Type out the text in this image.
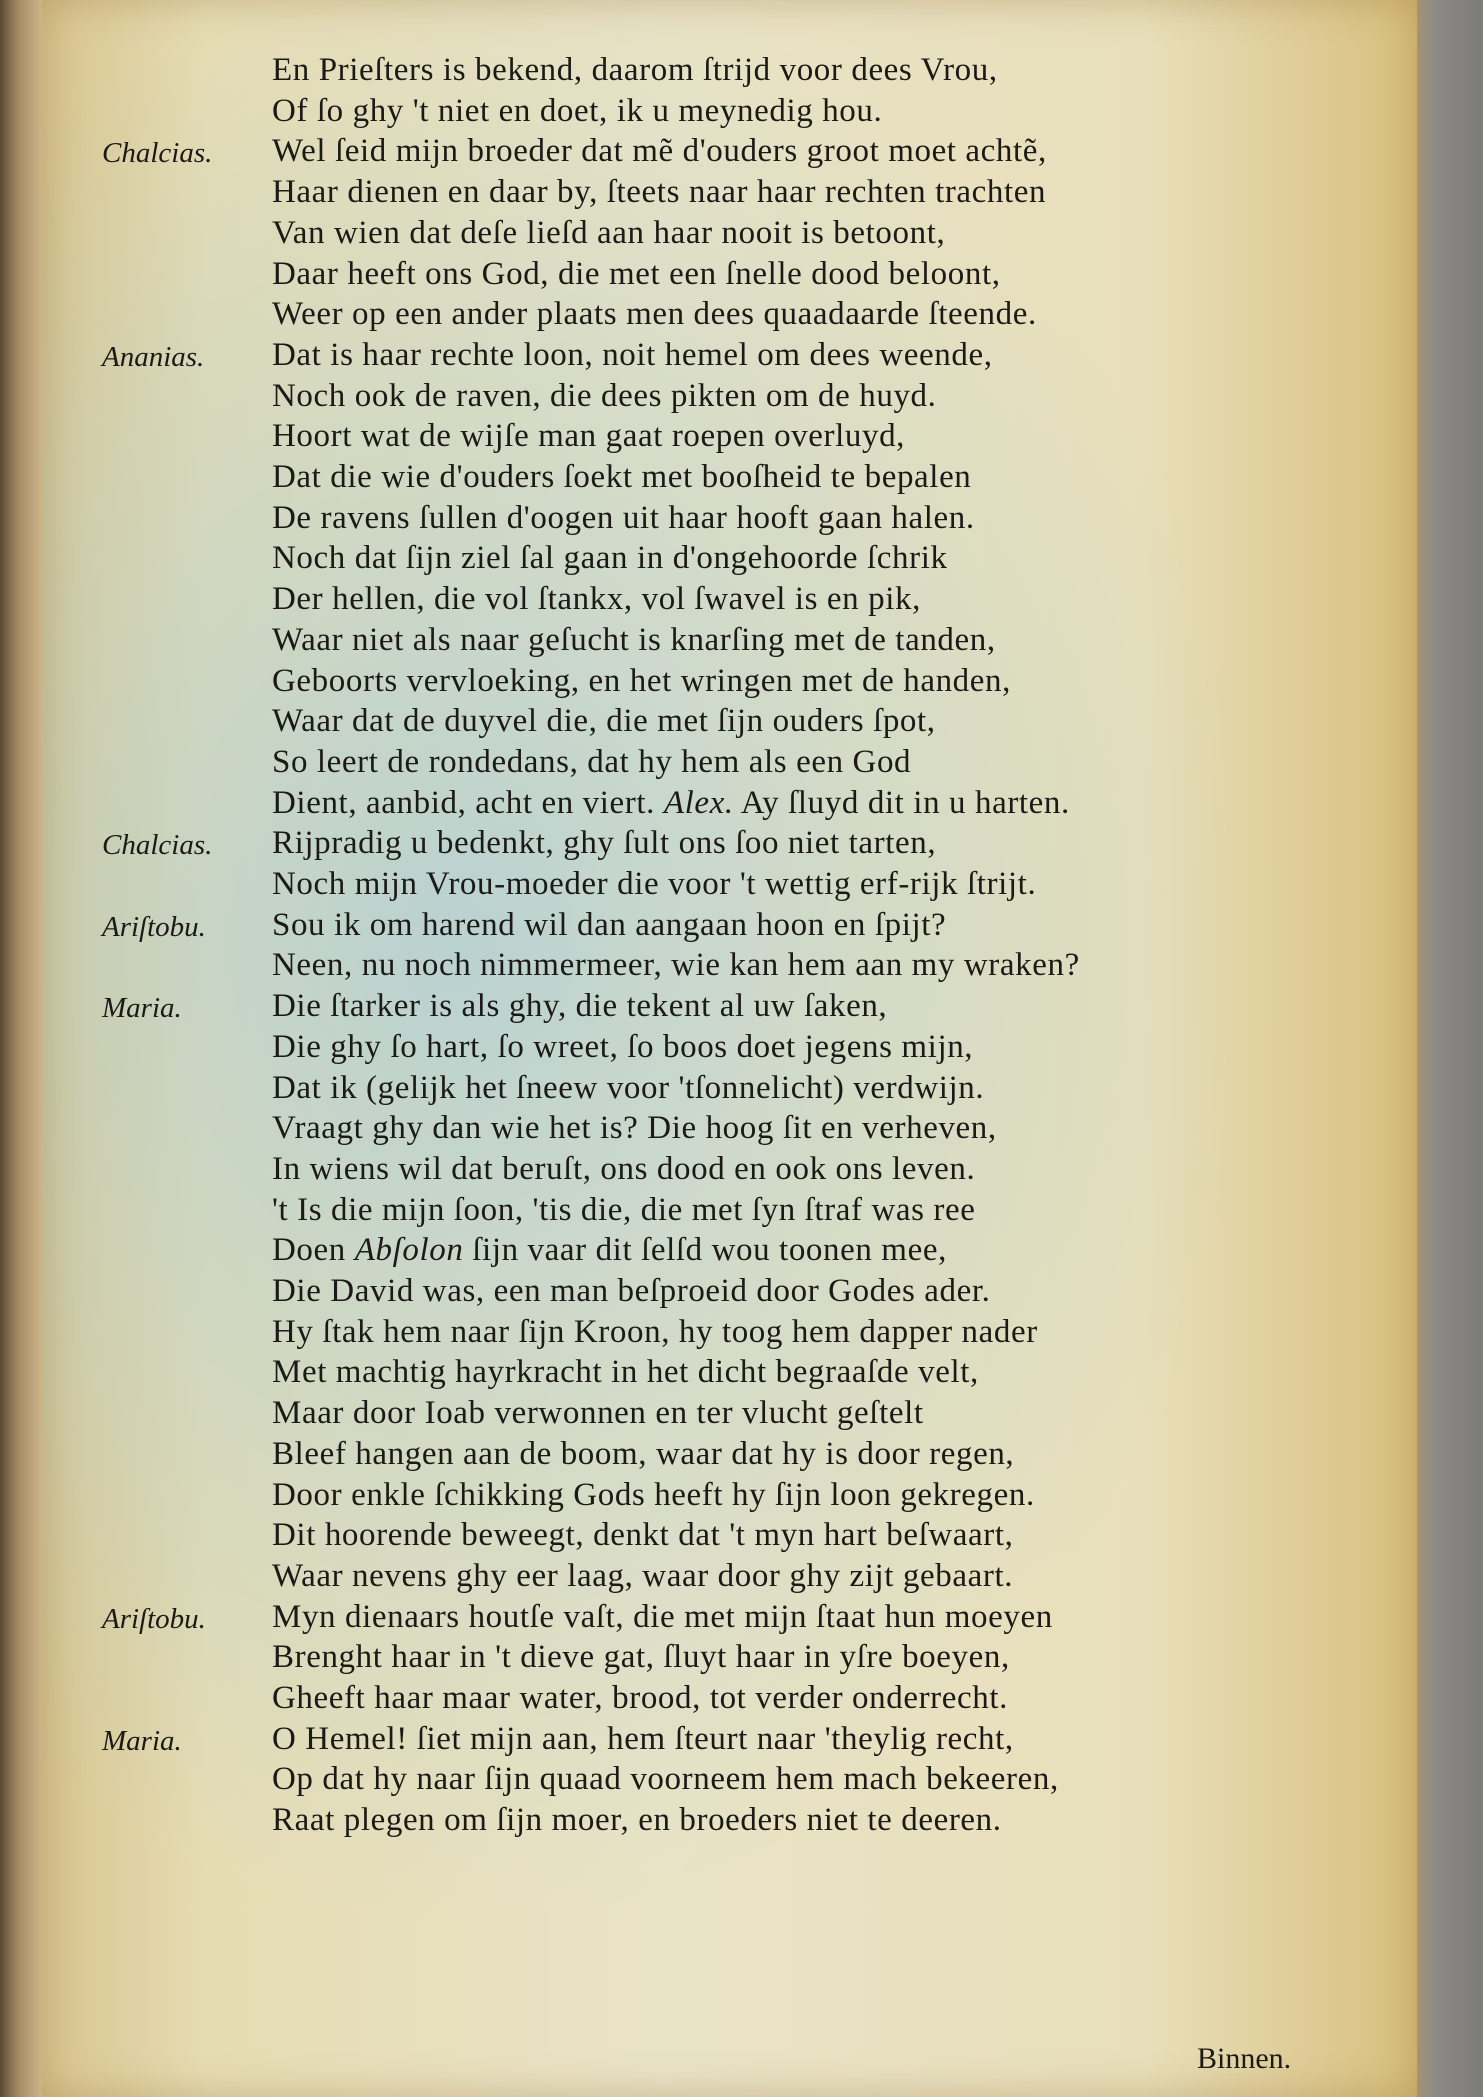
En Prieſters is bekend, daarom ſtrijd voor dees Vrou,
Of ſo ghy 't niet en doet, ik u meynedig hou.
Chalcias. Wel ſeid mijn broeder dat mẽ d'ouders groot moet achtẽ,
Haar dienen en daar by, ſteets naar haar rechten trachten
Van wien dat deſe lieſd aan haar nooit is betoont,
Daar heeft ons God, die met een ſnelle dood beloont,
Weer op een ander plaats men dees quaadaarde ſteende.
Ananias. Dat is haar rechte loon, noit hemel om dees weende,
Noch ook de raven, die dees pikten om de huyd.
Hoort wat de wijſe man gaat roepen overluyd,
Dat die wie d'ouders ſoekt met booſheid te bepalen
De ravens ſullen d'oogen uit haar hooft gaan halen.
Noch dat ſijn ziel ſal gaan in d'ongehoorde ſchrik
Der hellen, die vol ſtankx, vol ſwavel is en pik,
Waar niet als naar geſucht is knarſing met de tanden,
Geboorts vervloeking, en het wringen met de handen,
Waar dat de duyvel die, die met ſijn ouders ſpot,
So leert de rondedans, dat hy hem als een God
Dient, aanbid, acht en viert. Alex. Ay ſluyd dit in u harten.
Chalcias. Rijpradig u bedenkt, ghy ſult ons ſoo niet tarten,
Noch mijn Vrou-moeder die voor 't wettig erf-rijk ſtrijt.
Ariſtobu. Sou ik om harend wil dan aangaan hoon en ſpijt?
Neen, nu noch nimmermeer, wie kan hem aan my wraken?
Maria.	Die ſtarker is als ghy, die tekent al uw ſaken,
Die ghy ſo hart, ſo wreet, ſo boos doet jegens mijn,
Dat ik (gelijk het ſneew voor 'tſonnelicht) verdwijn.
Vraagt ghy dan wie het is? Die hoog ſit en verheven,
In wiens wil dat beruſt, ons dood en ook ons leven.
't Is die mijn ſoon, 'tis die, die met ſyn ſtraf was ree
Doen Abſolon ſijn vaar dit ſelſd wou toonen mee,
Die David was, een man beſproeid door Godes ader.
Hy ſtak hem naar ſijn Kroon, hy toog hem dapper nader
Met machtig hayrkracht in het dicht begraaſde velt,
Maar door Ioab verwonnen en ter vlucht geſtelt
Bleef hangen aan de boom, waar dat hy is door regen,
Door enkle ſchikking Gods heeft hy ſijn loon gekregen.
Dit hoorende beweegt, denkt dat 't myn hart beſwaart,
Waar nevens ghy eer laag, waar door ghy zijt gebaart.
Ariſtobu. Myn dienaars houtſe vaſt, die met mijn ſtaat hun moeyen
Brenght haar in 't dieve gat, ſluyt haar in yſre boeyen,
Gheeft haar maar water, brood, tot verder onderrecht.
Maria.	O Hemel! ſiet mijn aan, hem ſteurt naar 'theylig recht,
Op dat hy naar ſijn quaad voorneem hem mach bekeeren,
Raat plegen om ſijn moer, en broeders niet te deeren.
Binnen.
